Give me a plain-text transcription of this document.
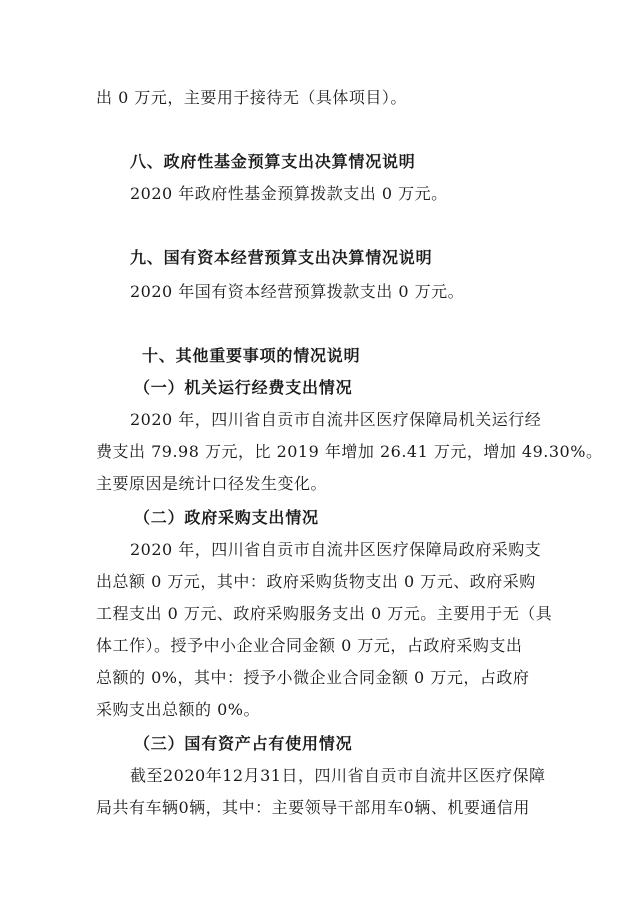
出 0 万元，主要用于接待无（具体项目）。
八、政府性基金预算支出决算情况说明
2020 年政府性基金预算拨款支出 0 万元。
九、国有资本经营预算支出决算情况说明
2020 年国有资本经营预算拨款支出 0 万元。
十、其他重要事项的情况说明
（一）机关运行经费支出情况
2020 年，四川省自贡市自流井区医疗保障局机关运行经
费支出 79.98 万元，比 2019 年增加 26.41 万元，增加 49.30%。
主要原因是统计口径发生变化。
（二）政府采购支出情况
2020 年，四川省自贡市自流井区医疗保障局政府采购支
出总额 0 万元，其中：政府采购货物支出 0 万元、政府采购
工程支出 0 万元、政府采购服务支出 0 万元。主要用于无（具
体工作）。授予中小企业合同金额 0 万元，占政府采购支出
总额的 0%，其中：授予小微企业合同金额 0 万元，占政府
采购支出总额的 0%。
（三）国有资产占有使用情况
截至2020年12月31日，四川省自贡市自流井区医疗保障
局共有车辆0辆，其中：主要领导干部用车0辆、机要通信用
